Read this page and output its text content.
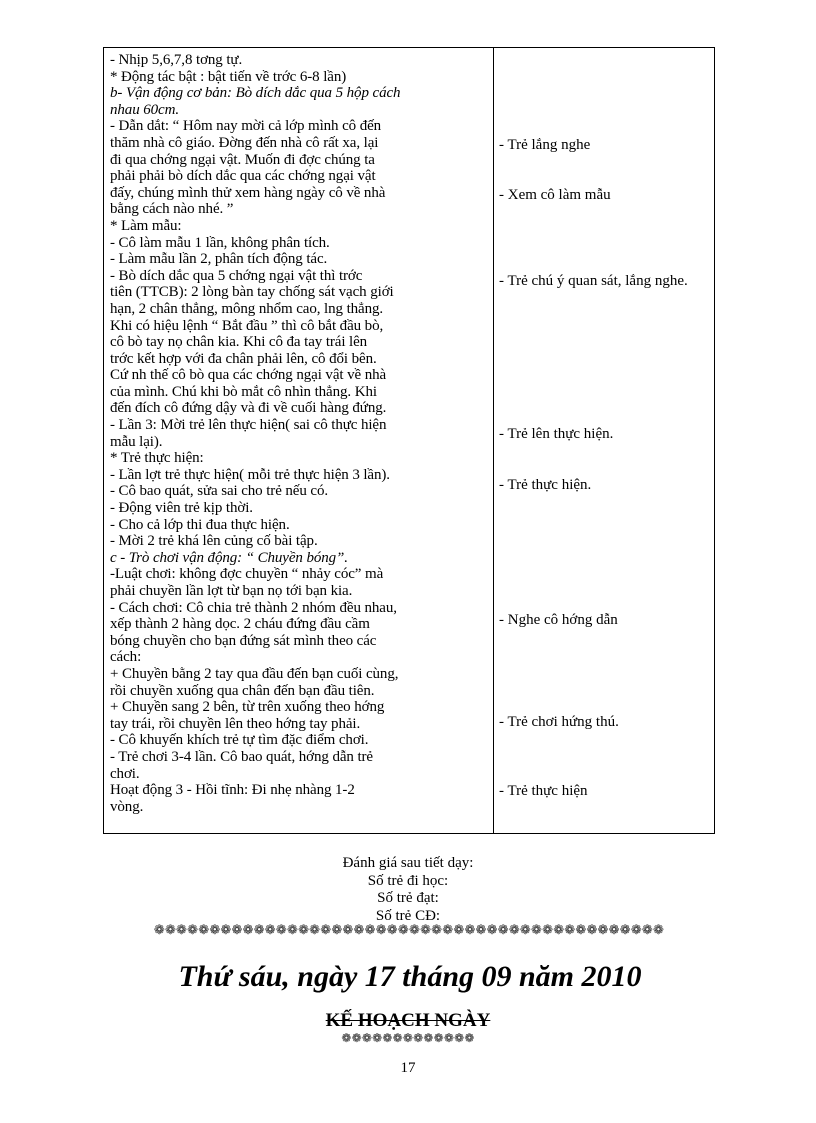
- Nhịp 5,6,7,8 tơng tự.
* Động tác bật : bật tiến về trớc 6-8 lần)
b- Vận động cơ bản: Bò dích dắc qua 5 hộp cách
nhau 60cm.
- Dẫn dắt: “ Hôm nay mời cả lớp mình cô đến
thăm nhà cô giáo. Đờng đến nhà cô rất xa, lại
đi qua chớng ngại vật. Muốn đi đợc chúng ta
phải phải bò dích dắc qua các chớng ngại vật
đấy, chúng mình thử xem hàng ngày cô về nhà
bằng cách nào nhé. ”
* Làm mẫu:
- Cô làm mẫu 1 lần, không phân tích.
- Làm mẫu lần 2, phân tích động tác.
- Bò dích dắc qua 5 chớng ngại vật thì trớc
tiên (TTCB): 2 lòng bàn tay chống sát vạch giới
hạn, 2 chân thẳng, mông nhổm cao, lng thẳng.
Khi có hiệu lệnh “ Bắt đầu ” thì cô bắt đầu bò,
cô bò tay nọ chân kia. Khi cô đa tay trái lên
trớc kết hợp với đa chân phải lên, cô đổi bên.
Cứ nh thế cô bò qua các chớng ngại vật về nhà
của mình. Chú khi bò mắt cô nhìn thẳng. Khi
đến đích cô đứng dậy và đi về cuối hàng đứng.
- Lần 3: Mời trẻ lên thực hiện( sai cô thực hiện
mẫu lại).
* Trẻ thực hiện:
- Lần lợt trẻ thực hiện( mỗi trẻ thực hiện 3 lần).
- Cô bao quát, sửa sai cho trẻ nếu có.
- Động viên trẻ kịp thời.
- Cho cả lớp thi đua thực hiện.
- Mời 2 trẻ khá lên củng cố bài tập.
c - Trò chơi vận động: “ Chuyền bóng”.
-Luật chơi: không đợc chuyền “ nhảy cóc” mà
phải chuyền lần lợt từ bạn nọ tới bạn kia.
- Cách chơi: Cô chia trẻ thành 2 nhóm đều nhau,
xếp thành 2 hàng dọc. 2 cháu đứng đầu cầm
bóng chuyền cho bạn đứng sát mình theo các
cách:
+ Chuyền bằng 2 tay qua đầu đến bạn cuối cùng,
rồi chuyền xuống qua chân đến bạn đầu tiên.
+ Chuyền sang 2 bên, từ trên xuống theo hớng
tay trái, rồi chuyền lên theo hớng tay phải.
- Cô khuyến khích trẻ tự tìm đặc điểm chơi.
- Trẻ chơi 3-4 lần. Cô bao quát, hớng dẫn trẻ
chơi.
Hoạt động 3 - Hồi tĩnh: Đi nhẹ nhàng 1-2
vòng.
- Trẻ lắng nghe
- Xem cô làm mẫu
- Trẻ chú ý quan sát, lắng nghe.
- Trẻ lên thực hiện.
- Trẻ thực hiện.
- Nghe cô hớng dẫn
- Trẻ chơi hứng thú.
- Trẻ thực hiện
Đánh giá sau tiết dạy:
Số trẻ đi học:
Số trẻ đạt:
Số trẻ CĐ:
❁❁❁❁❁❁❁❁❁❁❁❁❁❁❁❁❁❁❁❁❁❁❁❁❁❁❁❁❁❁❁❁❁❁❁❁❁❁❁❁❁❁❁❁❁❁
Thứ sáu, ngày 17 tháng 09 năm 2010
KẾ HOẠCH NGÀY
❁❁❁❁❁❁❁❁❁❁❁❁❁
17
